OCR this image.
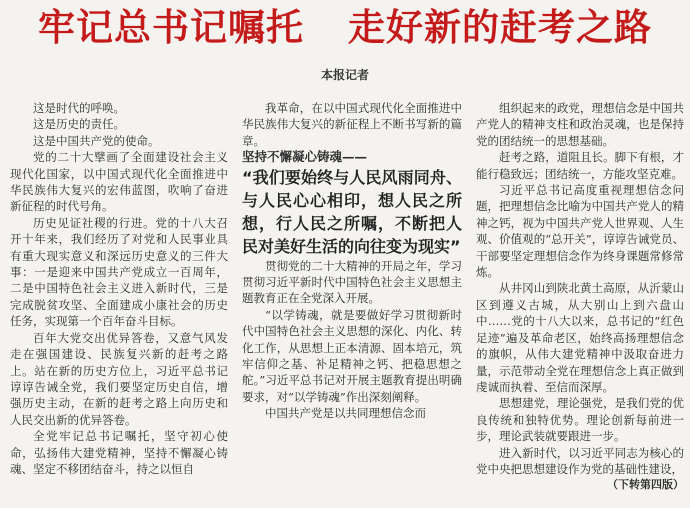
牢记总书记嘱托 走好新的赶考之路
本报记者

这是时代的呼唤。

这是历史的责任。

这是中国共产党的使命。

党的二十大擘画了全面建设社会主义现代化国家，以中国式现代化全面推进中华民族伟大复兴的宏伟蓝图，吹响了奋进新征程的时代号角。

历史见证社稷的行进。党的十八大召开十年来，我们经历了对党和人民事业具有重大现实意义和深远历史意义的三件大事：一是迎来中国共产党成立一百周年，二是中国特色社会主义进入新时代，三是完成脱贫攻坚、全面建成小康社会的历史任务，实现第一个百年奋斗目标。

百年大党交出优异答卷，又意气风发走在强国建设、民族复兴新的赶考之路上。站在新的历史方位上，习近平总书记谆谆告诫全党，我们要坚定历史自信，增强历史主动，在新的赶考之路上向历史和人民交出新的优异答卷。

全党牢记总书记嘱托，坚守初心使命，弘扬伟大建党精神，坚持不懈凝心铸魂、坚定不移团结奋斗，持之以恒自

我革命，在以中国式现代化全面推进中华民族伟大复兴的新征程上不断书写新的篇章。

坚持不懈凝心铸魂——

“我们要始终与人民风雨同舟、与人民心心相印，想人民之所想，行人民之所嘱，不断把人民对美好生活的向往变为现实”

贯彻党的二十大精神的开局之年，学习贯彻习近平新时代中国特色社会主义思想主题教育正在全党深入开展。

“以学铸魂，就是要做好学习贯彻新时代中国特色社会主义思想的深化、内化、转化工作，从思想上正本清源、固本培元，筑牢信仰之基、补足精神之钙、把稳思想之舵。”习近平总书记对开展主题教育提出明确要求，对“以学铸魂”作出深刻阐释。

中国共产党是以共同理想信念而

组织起来的政党，理想信念是中国共产党人的精神支柱和政治灵魂，也是保持党的团结统一的思想基础。

赶考之路，道阻且长。脚下有根，才能行稳致远；团结统一，方能攻坚克难。

习近平总书记高度重视理想信念问题，把理想信念比喻为中国共产党人的精神之钙，视为中国共产党人世界观、人生观、价值观的“总开关”，谆谆告诫党员、干部要坚定理想信念作为终身课题常修常炼。

从井冈山到陕北黄土高原，从沂蒙山区到遵义古城，从大别山上到六盘山中……党的十八大以来，总书记的“红色足迹”遍及革命老区，始终高扬理想信念的旗帜，从伟大建党精神中汲取奋进力量，示范带动全党在理想信念上真正做到虔诚而执着、至信而深厚。

思想建党，理论强党，是我们党的优良传统和独特优势。理论创新每前进一步，理论武装就要跟进一步。

进入新时代，以习近平同志为核心的党中央把思想建设作为党的基础性建设，
（下转第四版）
